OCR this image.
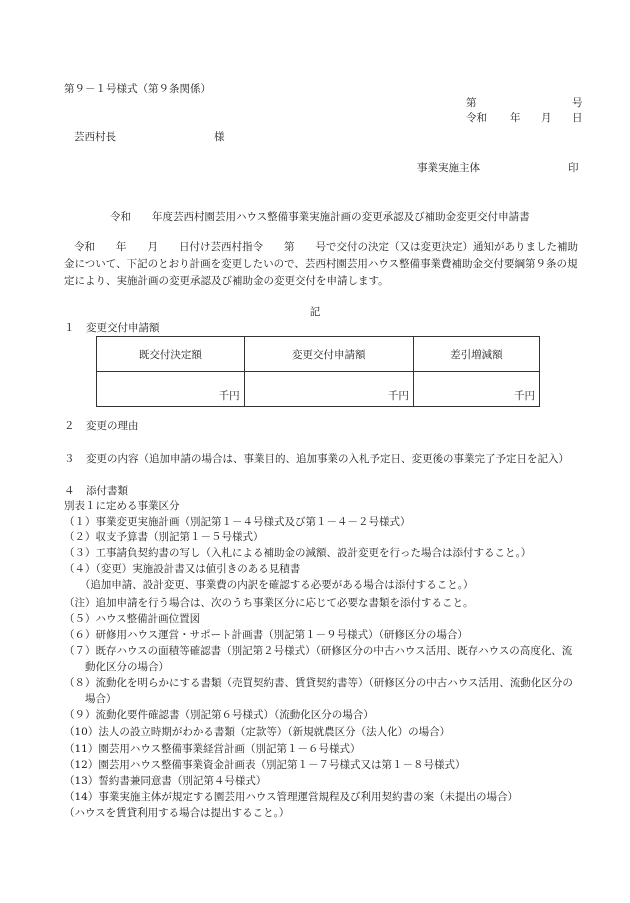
第９－１号様式（第９条関係）
第	号
令和 年 月 日
芸西村長	様
事業実施主体	印
令和　　年度芸西村園芸用ハウス整備事業実施計画の変更承認及び補助金変更交付申請書
令和　　年　　月　　日付け芸西村指令　　第　　号で交付の決定（又は変更決定）通知がありました補助
金について、下記のとおり計画を変更したいので、芸西村園芸用ハウス整備事業費補助金交付要綱第９条の規
定により、実施計画の変更承認及び補助金の変更交付を申請します。
記
１ 変更交付申請額
既交付決定額	変更交付申請額	差引増減額
千円	千円	千円
２ 変更の理由
３ 変更の内容（追加申請の場合は、事業目的、追加事業の入札予定日、変更後の事業完了予定日を記入）
４ 添付書類
別表１に定める事業区分
（１）事業変更実施計画（別記第１－４号様式及び第１－４－２号様式）
（２）収支予算書（別記第１－５号様式）
（３）工事請負契約書の写し（入札による補助金の減額、設計変更を行った場合は添付すること。）
（４）（変更）実施設計書又は値引きのある見積書
　　（追加申請、設計変更、事業費の内訳を確認する必要がある場合は添付すること。）
（注）追加申請を行う場合は、次のうち事業区分に応じて必要な書類を添付すること。
（５）ハウス整備計画位置図
（６）研修用ハウス運営・サポート計画書（別記第１－９号様式）（研修区分の場合）
（７）既存ハウスの面積等確認書（別記第２号様式）（研修区分の中古ハウス活用、既存ハウスの高度化、流
　　動化区分の場合）
（８）流動化を明らかにする書類（売買契約書、賃貸契約書等）（研修区分の中古ハウス活用、流動化区分の
　　場合）
（９）流動化要件確認書（別記第６号様式）（流動化区分の場合）
（10）法人の設立時期がわかる書類（定款等）（新規就農区分（法人化）の場合）
（11）園芸用ハウス整備事業経営計画（別記第１－６号様式）
（12）園芸用ハウス整備事業資金計画表（別記第１－７号様式又は第１－８号様式）
（13）誓約書兼同意書（別記第４号様式）
（14）事業実施主体が規定する園芸用ハウス管理運営規程及び利用契約書の案（未提出の場合）
（ハウスを賃貸利用する場合は提出すること。）
